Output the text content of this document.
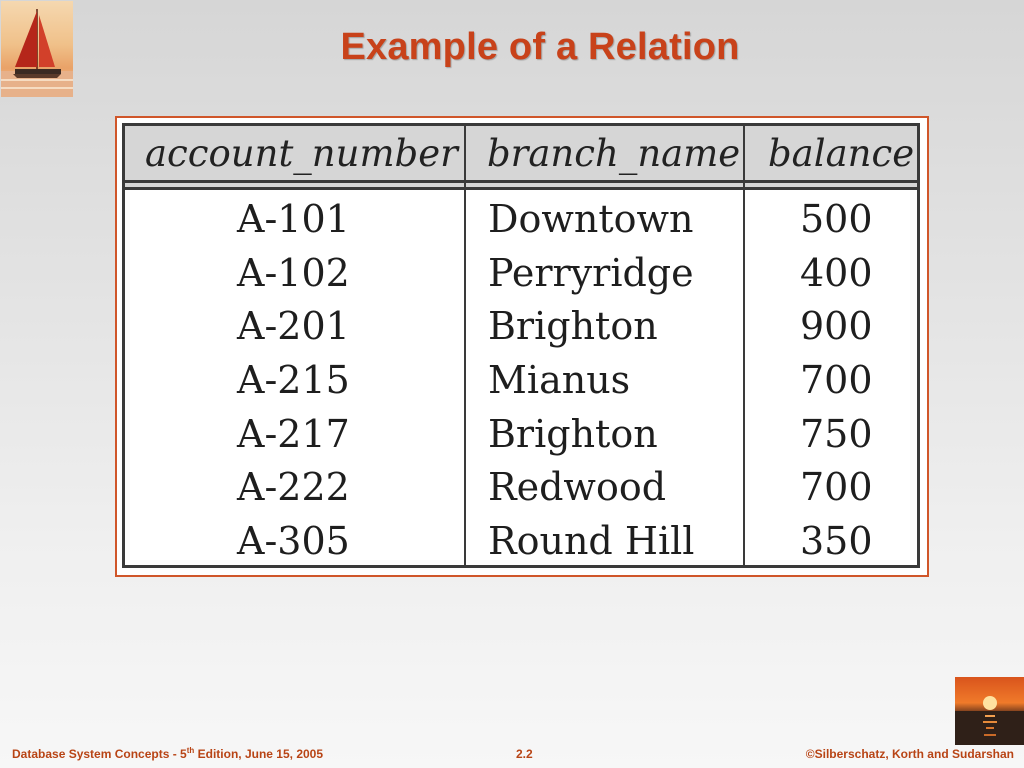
Example of a Relation
account_number branch_name balance
A-101	Downtown	500
A-102	Perryridge	400
A-201	Brighton	900
A-215	Mianus	700
A-217	Brighton	750
A-222	Redwood	700
A-305	Round Hill	350
Database System Concepts - 5th Edition, June 15, 2005	2.2	©Silberschatz, Korth and Sudarshan
